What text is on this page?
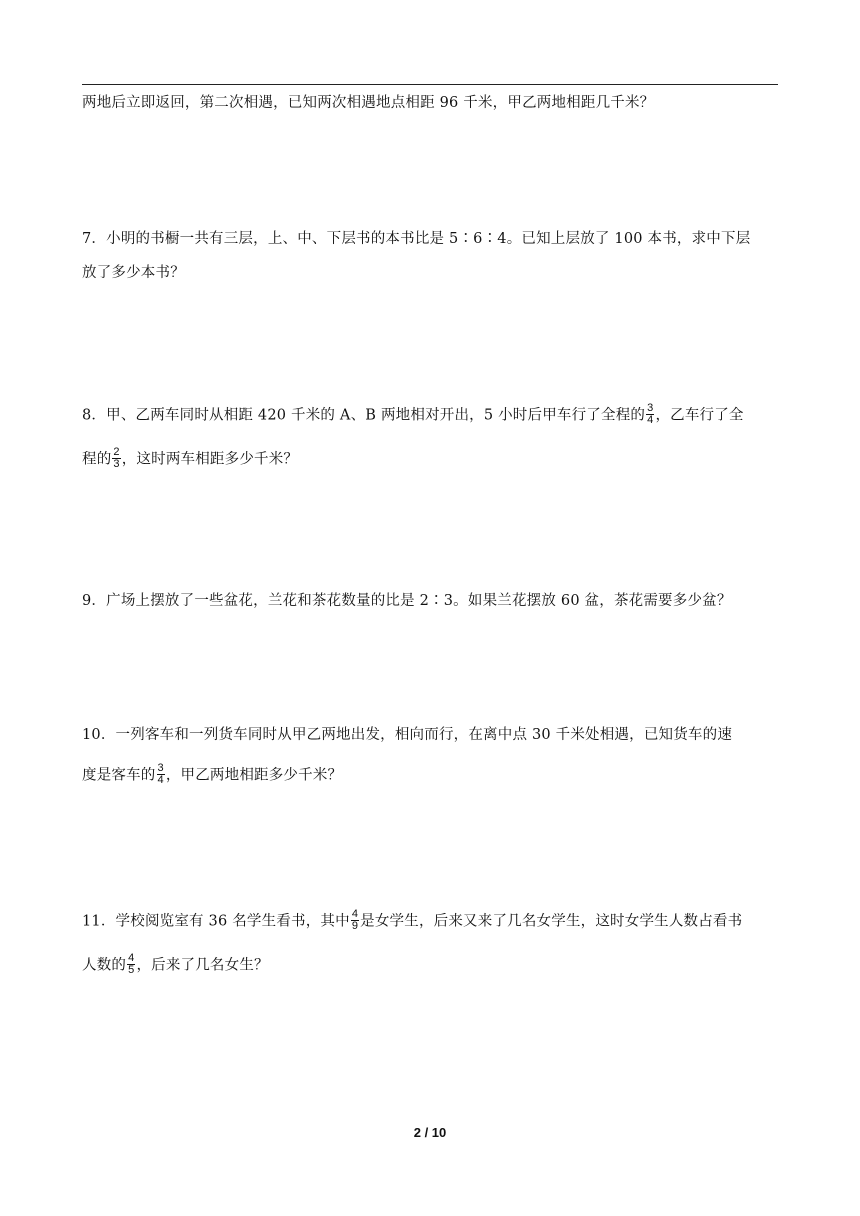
两地后立即返回，第二次相遇，已知两次相遇地点相距 96 千米，甲乙两地相距几千米？
7．小明的书橱一共有三层，上、中、下层书的本书比是 5∶6∶4。已知上层放了 100 本书，求中下层
放了多少本书？
8．甲、乙两车同时从相距 420 千米的 A、B 两地相对开出，5 小时后甲车行了全程的 $\frac{3}{4}$ ，乙车行了全
程的 $\frac{2}{3}$ ，这时两车相距多少千米？
9．广场上摆放了一些盆花，兰花和茶花数量的比是 2∶3。如果兰花摆放 60 盆，茶花需要多少盆？
10．一列客车和一列货车同时从甲乙两地出发，相向而行，在离中点 30 千米处相遇，已知货车的速
度是客车的 $\frac{3}{4}$ ，甲乙两地相距多少千米？
11．学校阅览室有 36 名学生看书，其中 $\frac{4}{9}$ 是女学生，后来又来了几名女学生，这时女学生人数占看书
人数的 $\frac{4}{5}$ ，后来了几名女生？
2 / 10
